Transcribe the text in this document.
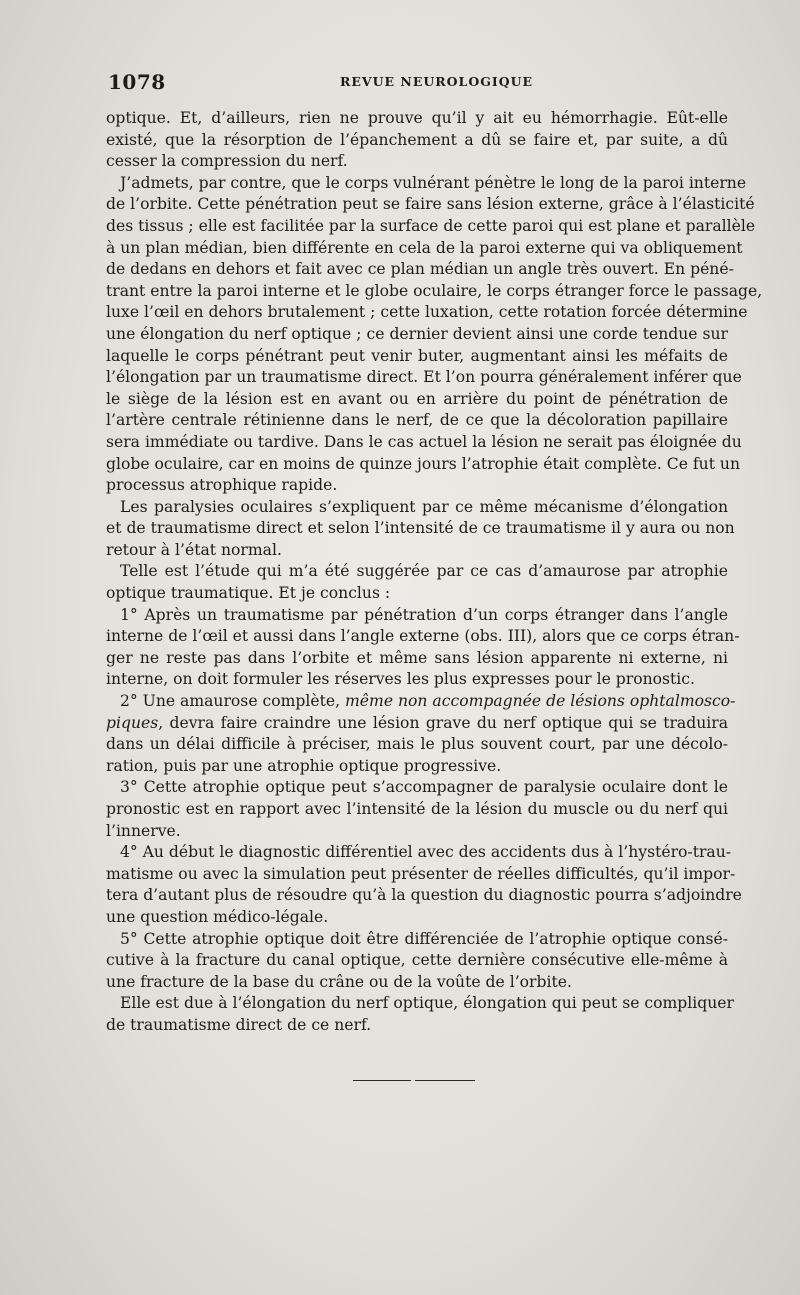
1078	REVUE NEUROLOGIQUE
optique. Et, d’ailleurs, rien ne prouve qu’il y ait eu hémorrhagie. Eût-elle
existé, que la résorption de l’épanchement a dû se faire et, par suite, a dû
cesser la compression du nerf.
J’admets, par contre, que le corps vulnérant pénètre le long de la paroi interne
de l’orbite. Cette pénétration peut se faire sans lésion externe, grâce à l’élasticité
des tissus ; elle est facilitée par la surface de cette paroi qui est plane et parallèle
à un plan médian, bien différente en cela de la paroi externe qui va obliquement
de dedans en dehors et fait avec ce plan médian un angle très ouvert. En péné-
trant entre la paroi interne et le globe oculaire, le corps étranger force le passage,
luxe l’œil en dehors brutalement ; cette luxation, cette rotation forcée détermine
une élongation du nerf optique ; ce dernier devient ainsi une corde tendue sur
laquelle le corps pénétrant peut venir buter, augmentant ainsi les méfaits de
l’élongation par un traumatisme direct. Et l’on pourra généralement inférer que
le siège de la lésion est en avant ou en arrière du point de pénétration de
l’artère centrale rétinienne dans le nerf, de ce que la décoloration papillaire
sera immédiate ou tardive. Dans le cas actuel la lésion ne serait pas éloignée du
globe oculaire, car en moins de quinze jours l’atrophie était complète. Ce fut un
processus atrophique rapide.
Les paralysies oculaires s’expliquent par ce même mécanisme d’élongation
et de traumatisme direct et selon l’intensité de ce traumatisme il y aura ou non
retour à l’état normal.
Telle est l’étude qui m’a été suggérée par ce cas d’amaurose par atrophie
optique traumatique. Et je conclus :
1° Après un traumatisme par pénétration d’un corps étranger dans l’angle
interne de l’œil et aussi dans l’angle externe (obs. III), alors que ce corps étran-
ger ne reste pas dans l’orbite et même sans lésion apparente ni externe, ni
interne, on doit formuler les réserves les plus expresses pour le pronostic.
2° Une amaurose complète, même non accompagnée de lésions ophtalmosco-
piques, devra faire craindre une lésion grave du nerf optique qui se traduira
dans un délai difficile à préciser, mais le plus souvent court, par une décolo-
ration, puis par une atrophie optique progressive.
3° Cette atrophie optique peut s’accompagner de paralysie oculaire dont le
pronostic est en rapport avec l’intensité de la lésion du muscle ou du nerf qui
l’innerve.
4° Au début le diagnostic différentiel avec des accidents dus à l’hystéro-trau-
matisme ou avec la simulation peut présenter de réelles difficultés, qu’il impor-
tera d’autant plus de résoudre qu’à la question du diagnostic pourra s’adjoindre
une question médico-légale.
5° Cette atrophie optique doit être différenciée de l’atrophie optique consé-
cutive à la fracture du canal optique, cette dernière consécutive elle-même à
une fracture de la base du crâne ou de la voûte de l’orbite.
Elle est due à l’élongation du nerf optique, élongation qui peut se compliquer
de traumatisme direct de ce nerf.
